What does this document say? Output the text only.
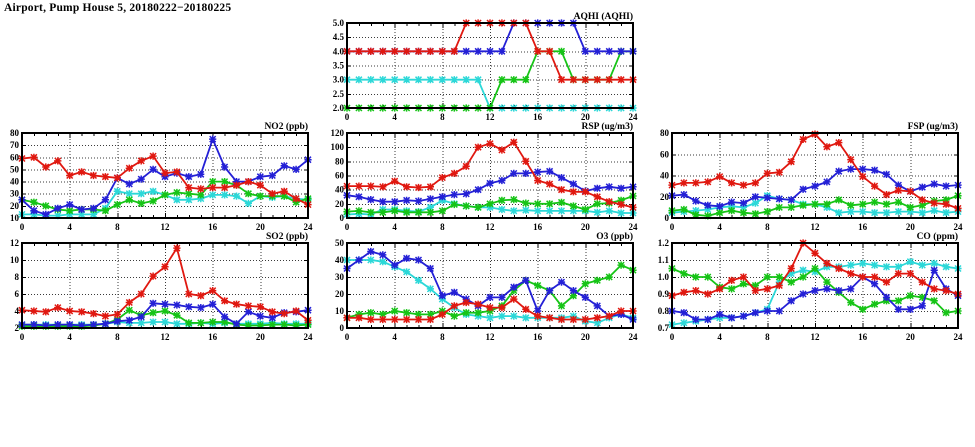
Airport, Pump House 5, 20180222−20180225
2.0
2.5
3.0
3.5
4.0
4.5
5.0
0	4	8	12	16	20	24
AQHI (AQHI)
10
20
30
40
50
60
70
80
0	4	8	12	16	20	24
NO2 (ppb)
0
20
40
60
80
100
120
0	4	8	12	16	20	24
RSP (ug/m3)
0
20
40
60
80
0	4	8	12	16	20	24
FSP (ug/m3)
2
4
6
8
10
12
0	4	8	12	16	20	24
SO2 (ppb)
0
10
20
30
40
50
0	4	8	12	16	20	24
O3 (ppb)
0.7
0.8
0.9
1.0
1.1
1.2
0	4	8	12	16	20	24
CO (ppm)
